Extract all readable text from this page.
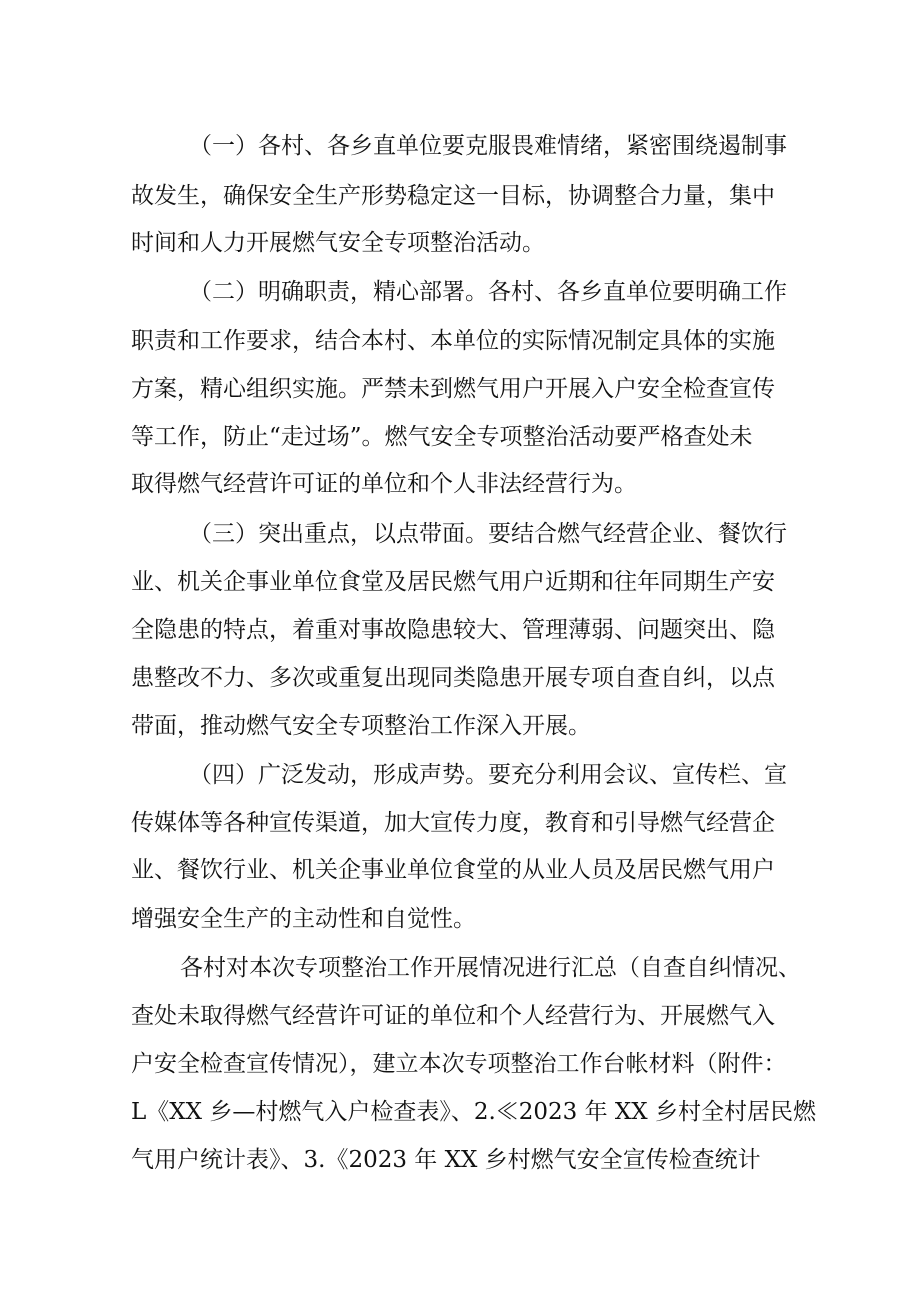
（一）各村、各乡直单位要克服畏难情绪，紧密围绕遏制事

故发生，确保安全生产形势稳定这一目标，协调整合力量，集中

时间和人力开展燃气安全专项整治活动。

（二）明确职责，精心部署。各村、各乡直单位要明确工作

职责和工作要求，结合本村、本单位的实际情况制定具体的实施

方案，精心组织实施。严禁未到燃气用户开展入户安全检查宣传

等工作，防止“走过场”。燃气安全专项整治活动要严格查处未

取得燃气经营许可证的单位和个人非法经营行为。

（三）突出重点，以点带面。要结合燃气经营企业、餐饮行

业、机关企事业单位食堂及居民燃气用户近期和往年同期生产安

全隐患的特点，着重对事故隐患较大、管理薄弱、问题突出、隐

患整改不力、多次或重复出现同类隐患开展专项自查自纠，以点

带面，推动燃气安全专项整治工作深入开展。

（四）广泛发动，形成声势。要充分利用会议、宣传栏、宣

传媒体等各种宣传渠道，加大宣传力度，教育和引导燃气经营企

业、餐饮行业、机关企事业单位食堂的从业人员及居民燃气用户

增强安全生产的主动性和自觉性。

各村对本次专项整治工作开展情况进行汇总（自查自纠情况、

查处未取得燃气经营许可证的单位和个人经营行为、开展燃气入

户安全检查宣传情况），建立本次专项整治工作台帐材料（附件：

L《XX 乡—村燃气入户检查表》、2.≪2023 年 XX 乡村全村居民燃

气用户统计表》、3.《2023 年 XX 乡村燃气安全宣传检查统计
